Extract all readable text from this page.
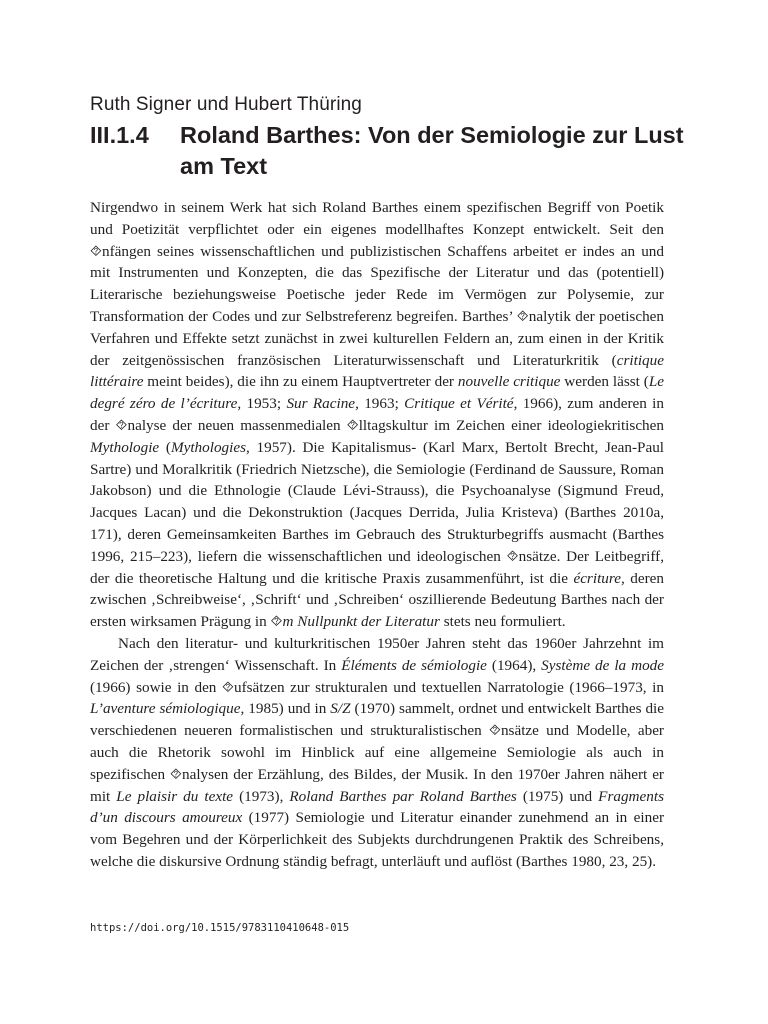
Ruth Signer und Hubert Thüring
III.1.4	Roland Barthes: Von der Semiologie zur Lust am Text

Nirgendwo in seinem Werk hat sich Roland Barthes einem spezifischen Begriff von Poetik und Poetizität verpflichtet oder ein eigenes modellhaftes Konzept entwickelt. Seit den ⯑nfängen seines wissenschaftlichen und publizistischen Schaffens arbeitet er indes an und mit Instrumenten und Konzepten, die das Spezifische der Literatur und das (potentiell) Literarische beziehungsweise Poetische jeder Rede im Vermögen zur Polysemie, zur Transformation der Codes und zur Selbstreferenz begreifen. Barthes’ ⯑nalytik der poetischen Verfahren und Effekte setzt zunächst in zwei kulturellen Feldern an, zum einen in der Kritik der zeitgenössischen französischen Literaturwissenschaft und Literaturkritik (critique littéraire meint beides), die ihn zu einem Hauptvertreter der nouvelle critique werden lässt (Le degré zéro de l’écriture, 1953; Sur Racine, 1963; Critique et Vérité, 1966), zum anderen in der ⯑nalyse der neuen massenmedialen ⯑lltagskultur im Zeichen einer ideologiekritischen Mythologie (Mythologies, 1957). Die Kapitalismus- (Karl Marx, Bertolt Brecht, Jean-Paul Sartre) und Moralkritik (Friedrich Nietzsche), die Semiologie (Ferdinand de Saussure, Roman Jakobson) und die Ethnologie (Claude Lévi-Strauss), die Psychoanalyse (Sigmund Freud, Jacques Lacan) und die Dekonstruktion (Jacques Derrida, Julia Kristeva) (Barthes 2010a, 171), deren Gemeinsamkeiten Barthes im Gebrauch des Strukturbegriffs ausmacht (Barthes 1996, 215–223), liefern die wissenschaftlichen und ideologischen ⯑nsätze. Der Leitbegriff, der die theoretische Haltung und die kritische Praxis zusammenführt, ist die écriture, deren zwischen ‚Schreibweise‘, ‚Schrift‘ und ‚Schreiben‘ oszillierende Bedeutung Barthes nach der ersten wirksamen Prägung in ⯑m Nullpunkt der Literatur stets neu formuliert.

Nach den literatur- und kulturkritischen 1950er Jahren steht das 1960er Jahrzehnt im Zeichen der ‚strengen‘ Wissenschaft. In Éléments de sémiologie (1964), Système de la mode (1966) sowie in den ⯑ufsätzen zur strukturalen und textuellen Narratologie (1966–1973, in L’aventure sémiologique, 1985) und in S/Z (1970) sammelt, ordnet und entwickelt Barthes die verschiedenen neueren formalistischen und strukturalistischen ⯑nsätze und Modelle, aber auch die Rhetorik sowohl im Hinblick auf eine allgemeine Semiologie als auch in spezifischen ⯑nalysen der Erzählung, des Bildes, der Musik. In den 1970er Jahren nähert er mit Le plaisir du texte (1973), Roland Barthes par Roland Barthes (1975) und Fragments d’un discours amoureux (1977) Semiologie und Literatur einander zunehmend an in einer vom Begehren und der Körperlichkeit des Subjekts durchdrungenen Praktik des Schreibens, welche die diskursive Ordnung ständig befragt, unterläuft und auflöst (Barthes 1980, 23, 25).

https://doi.org/10.1515/9783110410648-015
